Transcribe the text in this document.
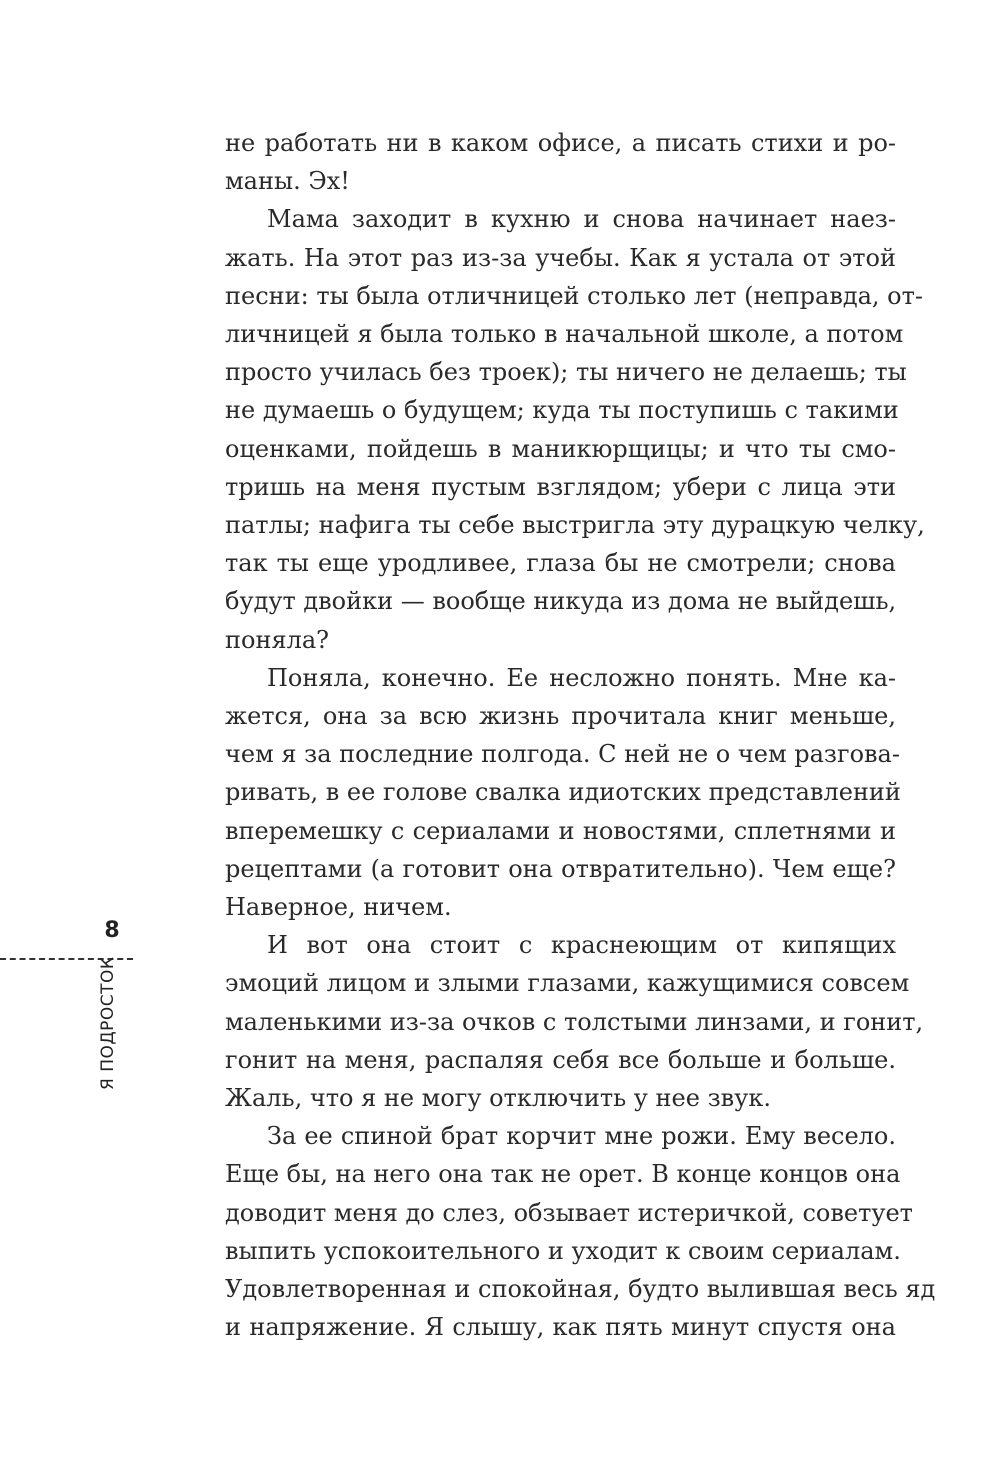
не работать ни в каком офисе, а писать стихи и ро-
маны. Эх!

Мама заходит в кухню и снова начинает наез-
жать. На этот раз из-за учебы. Как я устала от этой
песни: ты была отличницей столько лет (неправда, от-
личницей я была только в начальной школе, а потом
просто училась без троек); ты ничего не делаешь; ты
не думаешь о будущем; куда ты поступишь с такими
оценками, пойдешь в маникюрщицы; и что ты смо-
тришь на меня пустым взглядом; убери с лица эти
патлы; нафига ты себе выстригла эту дурацкую челку,
так ты еще уродливее, глаза бы не смотрели; снова
будут двойки — вообще никуда из дома не выйдешь,
поняла?

Поняла, конечно. Ее несложно понять. Мне ка-
жется, она за всю жизнь прочитала книг меньше,
чем я за последние полгода. С ней не о чем разгова-
ривать, в ее голове свалка идиотских представлений
вперемешку с сериалами и новостями, сплетнями и
рецептами (а готовит она отвратительно). Чем еще?
Наверное, ничем.

И вот она стоит с краснеющим от кипящих
эмоций лицом и злыми глазами, кажущимися совсем
маленькими из-за очков с толстыми линзами, и гонит,
гонит на меня, распаляя себя все больше и больше.
Жаль, что я не могу отключить у нее звук.

За ее спиной брат корчит мне рожи. Ему весело.
Еще бы, на него она так не орет. В конце концов она
доводит меня до слез, обзывает истеричкой, советует
выпить успокоительного и уходит к своим сериалам.
Удовлетворенная и спокойная, будто вылившая весь яд
и напряжение. Я слышу, как пять минут спустя она

8
Я ПОДРОСТОК
